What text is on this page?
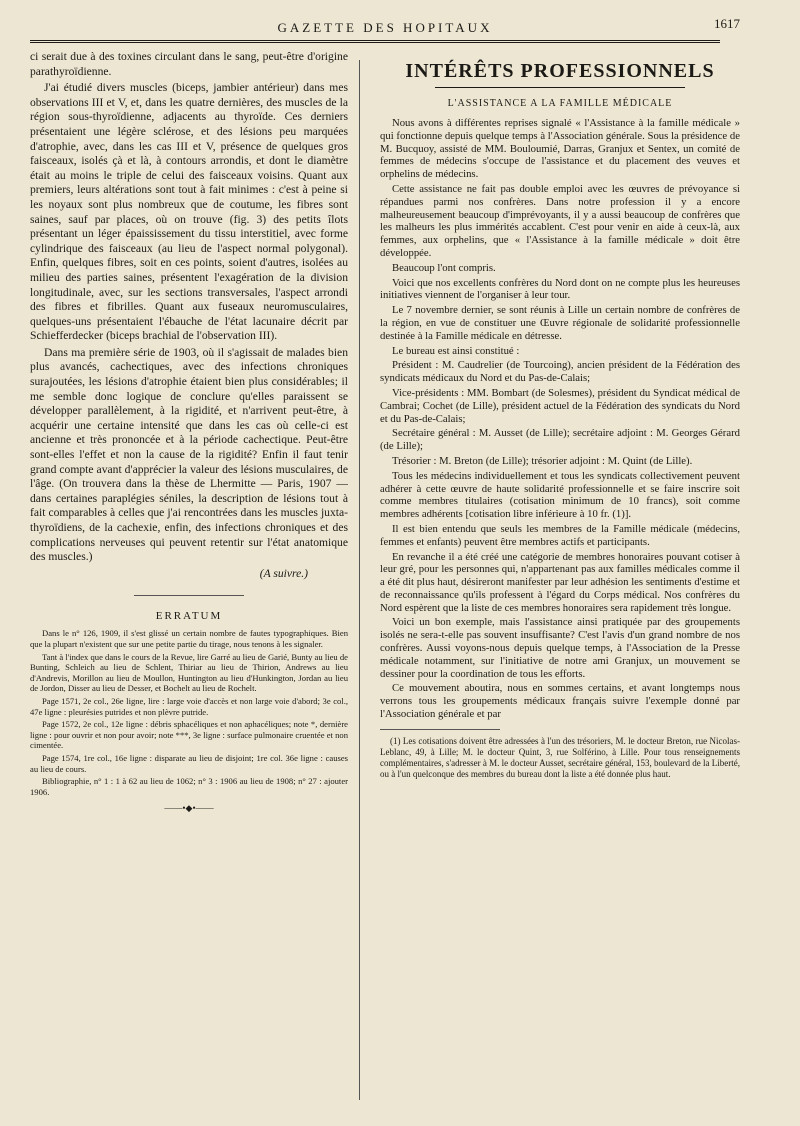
GAZETTE DES HOPITAUX	1617

ci serait due à des toxines circulant dans le sang, peut-être d'origine parathyroïdienne.

J'ai étudié divers muscles (biceps, jambier antérieur) dans mes observations III et V, et, dans les quatre dernières, des muscles de la région sous-thyroïdienne, adjacents au thyroïde. Ces derniers présentaient une légère sclérose, et des lésions peu marquées d'atrophie, avec, dans les cas III et V, présence de quelques gros faisceaux, isolés çà et là, à contours arrondis, et dont le diamètre était au moins le triple de celui des faisceaux voisins. Quant aux premiers, leurs altérations sont tout à fait minimes : c'est à peine si les noyaux sont plus nombreux que de coutume, les fibres sont saines, sauf par places, où on trouve (fig. 3) des petits îlots présentant un léger épaississement du tissu interstitiel, avec forme cylindrique des faisceaux (au lieu de l'aspect normal polygonal). Enfin, quelques fibres, soit en ces points, soient d'autres, isolées au milieu des parties saines, présentent l'exagération de la division longitudinale, avec, sur les sections transversales, l'aspect arrondi des fibres et fibrilles. Quant aux fuseaux neuromusculaires, quelques-uns présentaient l'ébauche de l'état lacunaire décrit par Schiefferdecker (biceps brachial de l'observation III).

Dans ma première série de 1903, où il s'agissait de malades bien plus avancés, cachectiques, avec des infections chroniques surajoutées, les lésions d'atrophie étaient bien plus considérables; il me semble donc logique de conclure qu'elles paraissent se développer parallèlement, à la rigidité, et n'arrivent peut-être, à acquérir une certaine intensité que dans les cas où celle-ci est ancienne et très prononcée et à la période cachectique. Peut-être sont-elles l'effet et non la cause de la rigidité? Enfin il faut tenir grand compte avant d'apprécier la valeur des lésions musculaires, de l'âge. (On trouvera dans la thèse de Lhermitte — Paris, 1907 — dans certaines paraplégies séniles, la description de lésions tout à fait comparables à celles que j'ai rencontrées dans les muscles juxta-thyroïdiens, de la cachexie, enfin, des infections chroniques et des complications nerveuses qui peuvent retentir sur l'état anatomique des muscles.)

(A suivre.)
ERRATUM

Dans le n° 126, 1909, il s'est glissé un certain nombre de fautes typographiques. Bien que la plupart n'existent que sur une petite partie du tirage, nous tenons à les signaler.

Tant à l'index que dans le cours de la Revue, lire Garré au lieu de Garié, Bunty au lieu de Bunting, Schleich au lieu de Schlent, Thiriar au lieu de Thirion, Andrews au lieu d'Andrevis, Morillon au lieu de Moullon, Huntington au lieu d'Hunkington, Jordan au lieu de Jordon, Disser au lieu de Desser, et Bochelt au lieu de Rochelt.

Page 1571, 2e col., 26e ligne, lire : large voie d'accès et non large voie d'abord; 3e col., 47e ligne : pleurésies putrides et non plèvre putride.

Page 1572, 2e col., 12e ligne : débris sphacéliques et non aphacéliques; note *, dernière ligne : pour ouvrir et non pour avoir; note ***, 3e ligne : surface pulmonaire cruentée et non cimentée.

Page 1574, 1re col., 16e ligne : disparate au lieu de disjoint; 1re col. 36e ligne : causes au lieu de cours.

Bibliographie, n° 1 : 1 à 62 au lieu de 1062; n° 3 : 1906 au lieu de 1908; n° 27 : ajouter 1906.

——•◆•——
INTÉRÊTS PROFESSIONNELS
L'ASSISTANCE A LA FAMILLE MÉDICALE

Nous avons à différentes reprises signalé « l'Assistance à la famille médicale » qui fonctionne depuis quelque temps à l'Association générale. Sous la présidence de M. Bucquoy, assisté de MM. Bouloumié, Darras, Granjux et Sentex, un comité de femmes de médecins s'occupe de l'assistance et du placement des veuves et orphelins de médecins.

Cette assistance ne fait pas double emploi avec les œuvres de prévoyance si répandues parmi nos confrères. Dans notre profession il y a encore malheureusement beaucoup d'imprévoyants, il y a aussi beaucoup de confrères que les malheurs les plus immérités accablent. C'est pour venir en aide à ceux-là, aux femmes, aux orphelins, que « l'Assistance à la famille médicale » doit être développée.

Beaucoup l'ont compris.

Voici que nos excellents confrères du Nord dont on ne compte plus les heureuses initiatives viennent de l'organiser à leur tour.

Le 7 novembre dernier, se sont réunis à Lille un certain nombre de confrères de la région, en vue de constituer une Œuvre régionale de solidarité professionnelle destinée à la Famille médicale en détresse.

Le bureau est ainsi constitué :

Président : M. Caudrelier (de Tourcoing), ancien président de la Fédération des syndicats médicaux du Nord et du Pas-de-Calais;

Vice-présidents : MM. Bombart (de Solesmes), président du Syndicat médical de Cambrai; Cochet (de Lille), président actuel de la Fédération des syndicats du Nord et du Pas-de-Calais;

Secrétaire général : M. Ausset (de Lille); secrétaire adjoint : M. Georges Gérard (de Lille);

Trésorier : M. Breton (de Lille); trésorier adjoint : M. Quint (de Lille).

Tous les médecins individuellement et tous les syndicats collectivement peuvent adhérer à cette œuvre de haute solidarité professionnelle et se faire inscrire soit comme membres titulaires (cotisation minimum de 10 francs), soit comme membres adhérents [cotisation libre inférieure à 10 fr. (1)].

Il est bien entendu que seuls les membres de la Famille médicale (médecins, femmes et enfants) peuvent être membres actifs et participants.

En revanche il a été créé une catégorie de membres honoraires pouvant cotiser à leur gré, pour les personnes qui, n'appartenant pas aux familles médicales comme il a été dit plus haut, désireront manifester par leur adhésion les sentiments d'estime et de reconnaissance qu'ils professent à l'égard du Corps médical. Nos confrères du Nord espèrent que la liste de ces membres honoraires sera rapidement très longue.

Voici un bon exemple, mais l'assistance ainsi pratiquée par des groupements isolés ne sera-t-elle pas souvent insuffisante? C'est l'avis d'un grand nombre de nos confrères. Aussi voyons-nous depuis quelque temps, à l'Association de la Presse médicale notamment, sur l'initiative de notre ami Granjux, un mouvement se dessiner pour la coordination de tous les efforts.

Ce mouvement aboutira, nous en sommes certains, et avant longtemps nous verrons tous les groupements médicaux français suivre l'exemple donné par l'Association générale et par

(1) Les cotisations doivent être adressées à l'un des trésoriers, M. le docteur Breton, rue Nicolas-Leblanc, 49, à Lille; M. le docteur Quint, 3, rue Solférino, à Lille. Pour tous renseignements complémentaires, s'adresser à M. le docteur Ausset, secrétaire général, 153, boulevard de la Liberté, ou à l'un quelconque des membres du bureau dont la liste a été donnée plus haut.
